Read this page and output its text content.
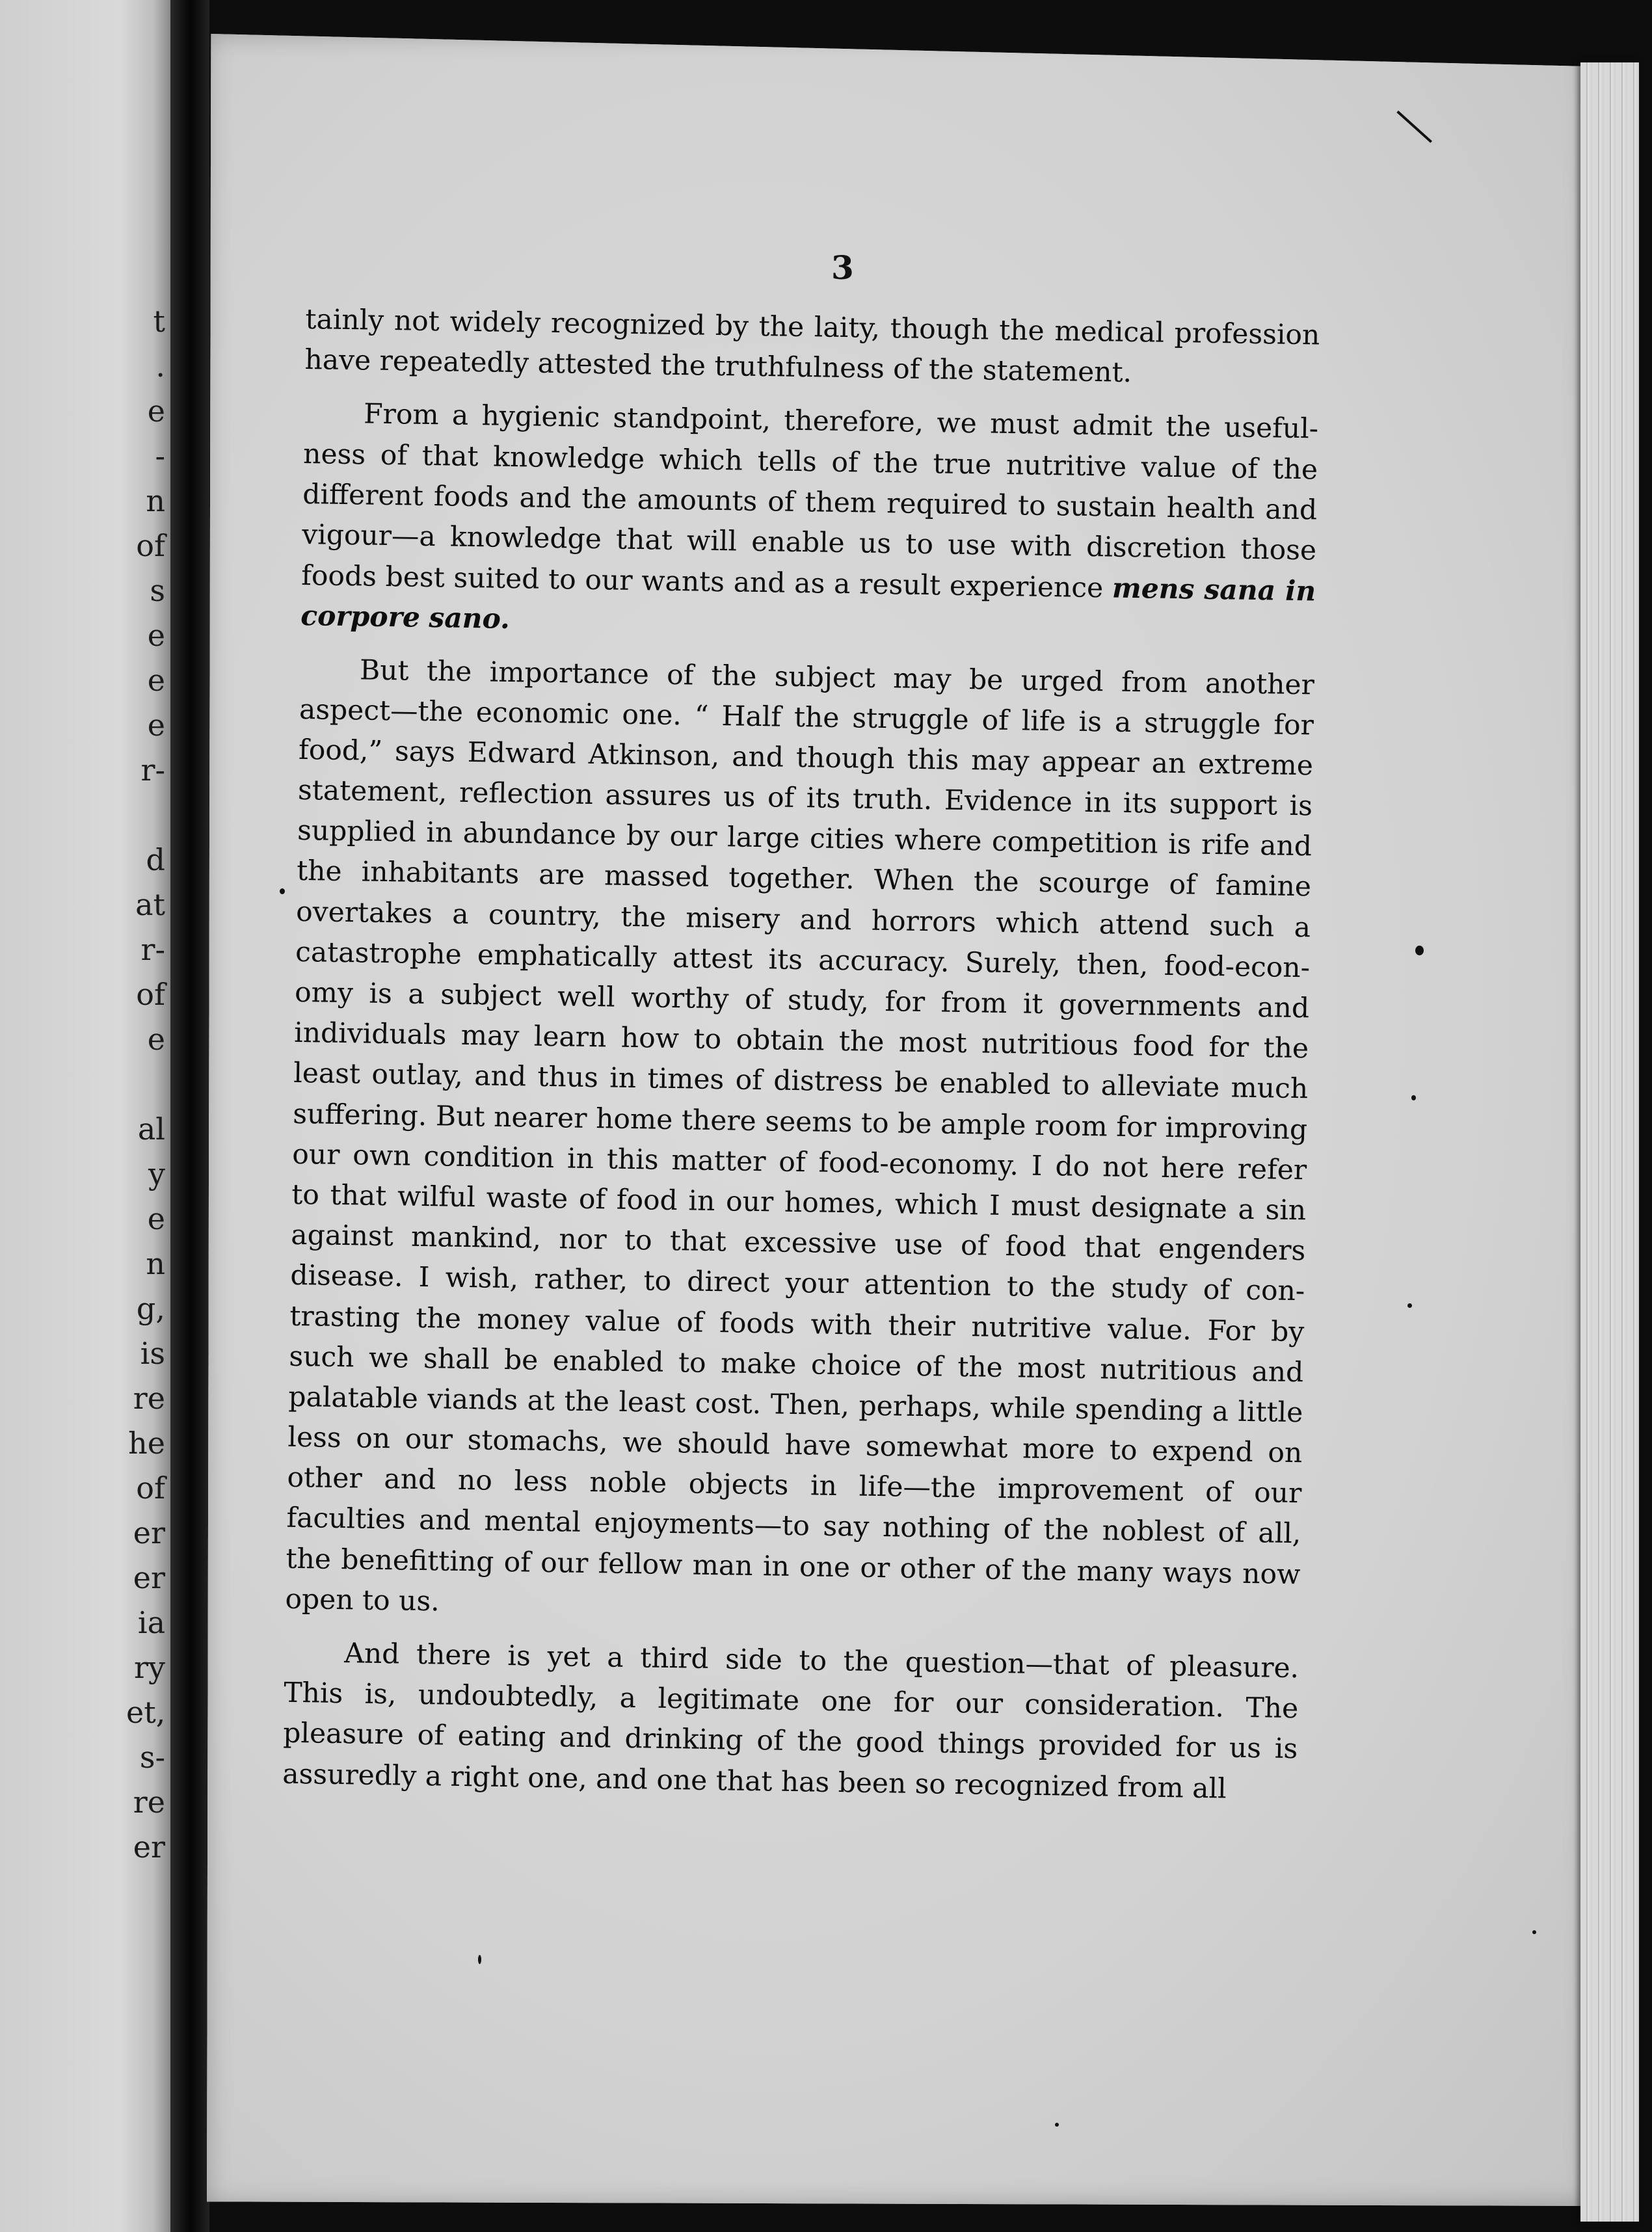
t
.
e
-
n
of
s
e
e
e
r-
d
at
r-
of
e
al
y
e
n
g,
is
re
he
of
er
er
ia
ry
et,
s-
re
er
3
tainly not widely recognized by the laity, though the medical profession
have repeatedly attested the truthfulness of the statement.
From a hygienic standpoint, therefore, we must admit the useful-
ness of that knowledge which tells of the true nutritive value of the
different foods and the amounts of them required to sustain health and
vigour—a knowledge that will enable us to use with discretion those
foods best suited to our wants and as a result experience mens sana in
corpore sano.
But the importance of the subject may be urged from another
aspect—the economic one. “ Half the struggle of life is a struggle for
food,” says Edward Atkinson, and though this may appear an extreme
statement, reflection assures us of its truth. Evidence in its support is
supplied in abundance by our large cities where competition is rife and
the inhabitants are massed together. When the scourge of famine
overtakes a country, the misery and horrors which attend such a
catastrophe emphatically attest its accuracy. Surely, then, food-econ-
omy is a subject well worthy of study, for from it governments and
individuals may learn how to obtain the most nutritious food for the
least outlay, and thus in times of distress be enabled to alleviate much
suffering. But nearer home there seems to be ample room for improving
our own condition in this matter of food-economy. I do not here refer
to that wilful waste of food in our homes, which I must designate a sin
against mankind, nor to that excessive use of food that engenders
disease. I wish, rather, to direct your attention to the study of con-
trasting the money value of foods with their nutritive value. For by
such we shall be enabled to make choice of the most nutritious and
palatable viands at the least cost. Then, perhaps, while spending a little
less on our stomachs, we should have somewhat more to expend on
other and no less noble objects in life—the improvement of our
faculties and mental enjoyments—to say nothing of the noblest of all,
the benefitting of our fellow man in one or other of the many ways now
open to us.
And there is yet a third side to the question—that of pleasure.
This is, undoubtedly, a legitimate one for our consideration. The
pleasure of eating and drinking of the good things provided for us is
assuredly a right one, and one that has been so recognized from all
